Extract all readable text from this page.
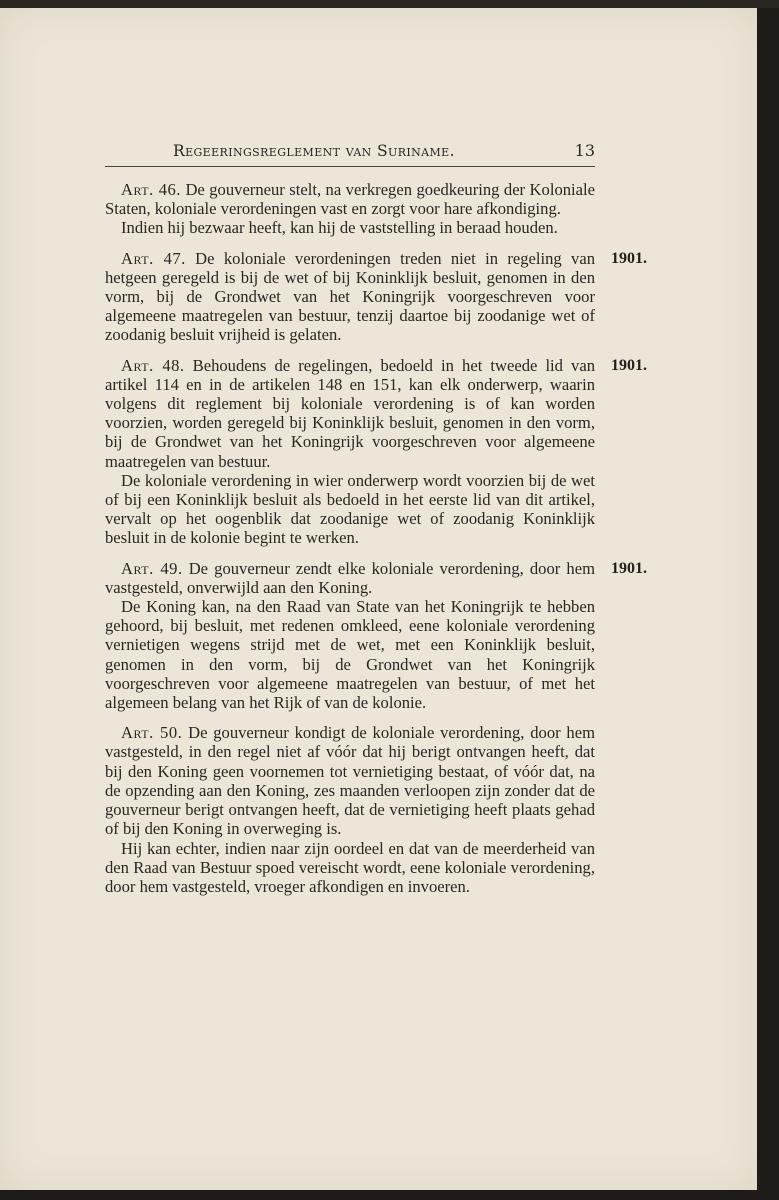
Regeeringsreglement van Suriname.	13

Art. 46. De gouverneur stelt, na verkregen goedkeuring der Koloniale Staten, koloniale verordeningen vast en zorgt voor hare afkondiging.

Indien hij bezwaar heeft, kan hij de vaststelling in beraad houden.

1901.

Art. 47. De koloniale verordeningen treden niet in regeling van hetgeen geregeld is bij de wet of bij Koninklijk besluit, genomen in den vorm, bij de Grondwet van het Koningrijk voorgeschreven voor algemeene maatregelen van bestuur, tenzij daartoe bij zoodanige wet of zoodanig besluit vrijheid is gelaten.

1901.

Art. 48. Behoudens de regelingen, bedoeld in het tweede lid van artikel 114 en in de artikelen 148 en 151, kan elk onderwerp, waarin volgens dit reglement bij koloniale verordening is of kan worden voorzien, worden geregeld bij Koninklijk besluit, genomen in den vorm, bij de Grondwet van het Koningrijk voorgeschreven voor algemeene maatregelen van bestuur.

De koloniale verordening in wier onderwerp wordt voorzien bij de wet of bij een Koninklijk besluit als bedoeld in het eerste lid van dit artikel, vervalt op het oogenblik dat zoodanige wet of zoodanig Koninklijk besluit in de kolonie begint te werken.

1901.

Art. 49. De gouverneur zendt elke koloniale verordening, door hem vastgesteld, onverwijld aan den Koning.

De Koning kan, na den Raad van State van het Koningrijk te hebben gehoord, bij besluit, met redenen omkleed, eene koloniale verordening vernietigen wegens strijd met de wet, met een Koninklijk besluit, genomen in den vorm, bij de Grondwet van het Koningrijk voorgeschreven voor algemeene maatregelen van bestuur, of met het algemeen belang van het Rijk of van de kolonie.

Art. 50. De gouverneur kondigt de koloniale verordening, door hem vastgesteld, in den regel niet af vóór dat hij berigt ontvangen heeft, dat bij den Koning geen voornemen tot vernietiging bestaat, of vóór dat, na de opzending aan den Koning, zes maanden verloopen zijn zonder dat de gouverneur berigt ontvangen heeft, dat de vernietiging heeft plaats gehad of bij den Koning in overweging is.

Hij kan echter, indien naar zijn oordeel en dat van de meerderheid van den Raad van Bestuur spoed vereischt wordt, eene koloniale verordening, door hem vastgesteld, vroeger afkondigen en invoeren.
